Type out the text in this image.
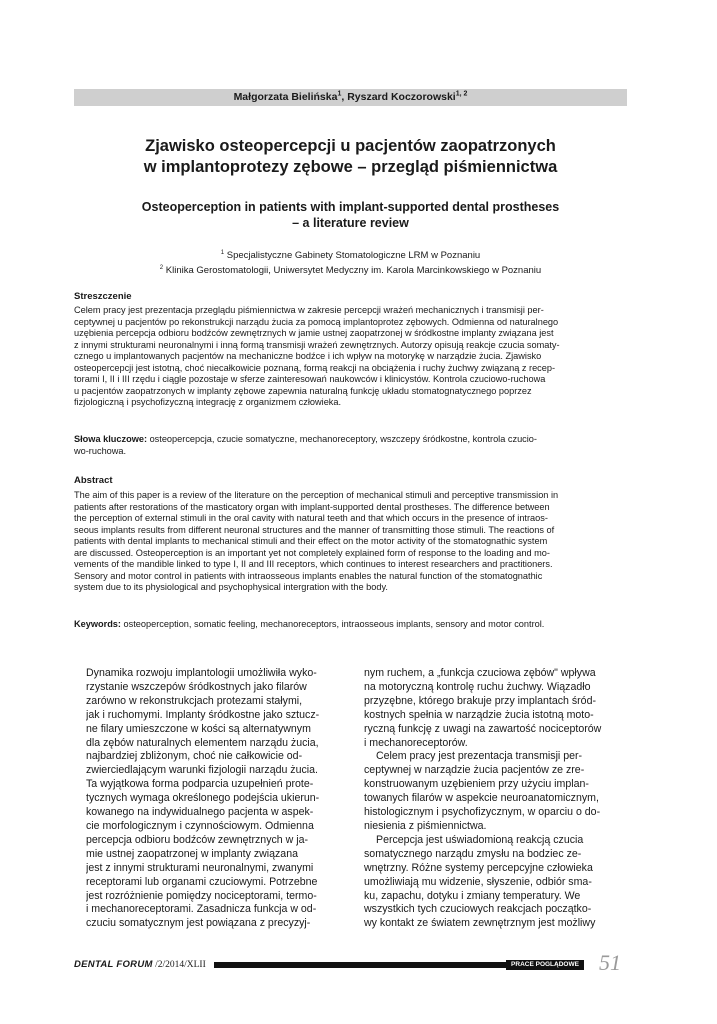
Małgorzata Bielińska$^1$, Ryszard Koczorowski$^{1, 2}$
Zjawisko osteopercepcji u pacjentów zaopatrzonych
w implantoprotezy zębowe – przegląd piśmiennictwa
Osteoperception in patients with implant-supported dental prostheses
– a literature review
$^1$ Specjalistyczne Gabinety Stomatologiczne LRM w Poznaniu
$^2$ Klinika Gerostomatologii, Uniwersytet Medyczny im. Karola Marcinkowskiego w Poznaniu
Streszczenie
Celem pracy jest prezentacja przeglądu piśmiennictwa w zakresie percepcji wrażeń mechanicznych i transmisji per-
ceptywnej u pacjentów po rekonstrukcji narządu żucia za pomocą implantoprotez zębowych. Odmienna od naturalnego
uzębienia percepcja odbioru bodźców zewnętrznych w jamie ustnej zaopatrzonej w śródkostne implanty związana jest
z innymi strukturami neuronalnymi i inną formą transmisji wrażeń zewnętrznych. Autorzy opisują reakcje czucia somaty-
cznego u implantowanych pacjentów na mechaniczne bodźce i ich wpływ na motorykę w narządzie żucia. Zjawisko
osteopercepcji jest istotną, choć niecałkowicie poznaną, formą reakcji na obciążenia i ruchy żuchwy związaną z recep-
torami I, II i III rzędu i ciągle pozostaje w sferze zainteresowań naukowców i klinicystów. Kontrola czuciowo-ruchowa
u pacjentów zaopatrzonych w implanty zębowe zapewnia naturalną funkcję układu stomatognatycznego poprzez
fizjologiczną i psychofizyczną integrację z organizmem człowieka.
Słowa kluczowe: osteopercepcja, czucie somatyczne, mechanoreceptory, wszczepy śródkostne, kontrola czucio-
wo-ruchowa.
Abstract
The aim of this paper is a review of the literature on the perception of mechanical stimuli and perceptive transmission in
patients after restorations of the masticatory organ with implant-supported dental prostheses. The difference between
the perception of external stimuli in the oral cavity with natural teeth and that which occurs in the presence of intraos-
seous implants results from different neuronal structures and the manner of transmitting those stimuli. The reactions of
patients with dental implants to mechanical stimuli and their effect on the motor activity of the stomatognathic system
are discussed. Osteoperception is an important yet not completely explained form of response to the loading and mo-
vements of the mandible linked to type I, II and III receptors, which continues to interest researchers and practitioners.
Sensory and motor control in patients with intraosseous implants enables the natural function of the stomatognathic
system due to its physiological and psychophysical intergration with the body.
Keywords: osteoperception, somatic feeling, mechanoreceptors, intraosseous implants, sensory and motor control.
Dynamika rozwoju implantologii umożliwiła wyko-
rzystanie wszczepów śródkostnych jako filarów
zarówno w rekonstrukcjach protezami stałymi,
jak i ruchomymi. Implanty śródkostne jako sztucz-
ne filary umieszczone w kości są alternatywnym
dla zębów naturalnych elementem narządu żucia,
najbardziej zbliżonym, choć nie całkowicie od-
zwierciedlającym warunki fizjologii narządu żucia.
Ta wyjątkowa forma podparcia uzupełnień prote-
tycznych wymaga określonego podejścia ukierun-
kowanego na indywidualnego pacjenta w aspek-
cie morfologicznym i czynnościowym. Odmienna
percepcja odbioru bodźców zewnętrznych w ja-
mie ustnej zaopatrzonej w implanty związana
jest z innymi strukturami neuronalnymi, zwanymi
receptorami lub organami czuciowymi. Potrzebne
jest rozróżnienie pomiędzy nociceptorami, termo-
i mechanoreceptorami. Zasadnicza funkcja w od-
czuciu somatycznym jest powiązana z precyzyj-
nym ruchem, a „funkcja czuciowa zębów" wpływa
na motoryczną kontrolę ruchu żuchwy. Wiązadło
przyzębne, którego brakuje przy implantach śród-
kostnych spełnia w narządzie żucia istotną moto-
ryczną funkcję z uwagi na zawartość nociceptorów
i mechanoreceptorów.
Celem pracy jest prezentacja transmisji per-
ceptywnej w narządzie żucia pacjentów ze zre-
konstruowanym uzębieniem przy użyciu implan-
towanych filarów w aspekcie neuroanatomicznym,
histologicznym i psychofizycznym, w oparciu o do-
niesienia z piśmiennictwa.
Percepcja jest uświadomioną reakcją czucia
somatycznego narządu zmysłu na bodziec ze-
wnętrzny. Różne systemy percepcyjne człowieka
umożliwiają mu widzenie, słyszenie, odbiór sma-
ku, zapachu, dotyku i zmiany temperatury. We
wszystkich tych czuciowych reakcjach początko-
wy kontakt ze światem zewnętrznym jest możliwy
DENTAL FORUM /2/2014/XLII	PRACE POGLĄDOWE 51
